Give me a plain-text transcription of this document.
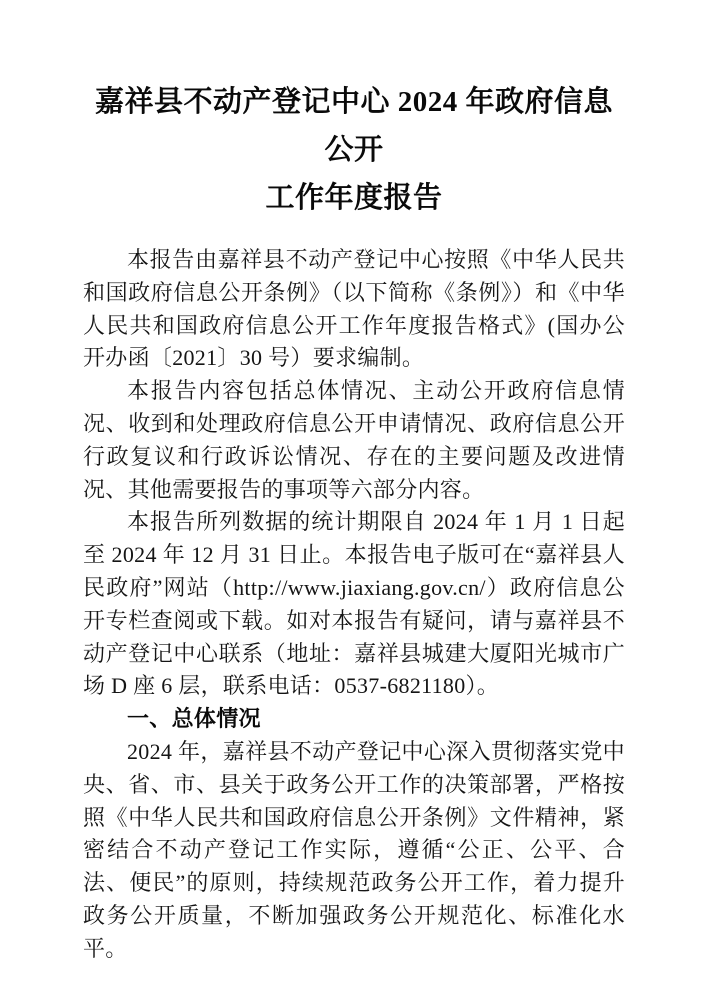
嘉祥县不动产登记中心 2024 年政府信息公开
工作年度报告

本报告由嘉祥县不动产登记中心按照《中华人民共和国政府信息公开条例》（以下简称《条例》）和《中华人民共和国政府信息公开工作年度报告格式》(国办公开办函〔2021〕30 号）要求编制。

本报告内容包括总体情况、主动公开政府信息情况、收到和处理政府信息公开申请情况、政府信息公开行政复议和行政诉讼情况、存在的主要问题及改进情况、其他需要报告的事项等六部分内容。

本报告所列数据的统计期限自 2024 年 1 月 1 日起至 2024 年 12 月 31 日止。本报告电子版可在“嘉祥县人民政府”网站（http://www.jiaxiang.gov.cn/）政府信息公开专栏查阅或下载。如对本报告有疑问，请与嘉祥县不动产登记中心联系（地址：嘉祥县城建大厦阳光城市广场 D 座 6 层，联系电话：0537-6821180）。

一、总体情况

2024 年，嘉祥县不动产登记中心深入贯彻落实党中央、省、市、县关于政务公开工作的决策部署，严格按照《中华人民共和国政府信息公开条例》文件精神，紧密结合不动产登记工作实际，遵循“公正、公平、合法、便民”的原则，持续规范政务公开工作，着力提升政务公开质量，不断加强政务公开规范化、标准化水平。
